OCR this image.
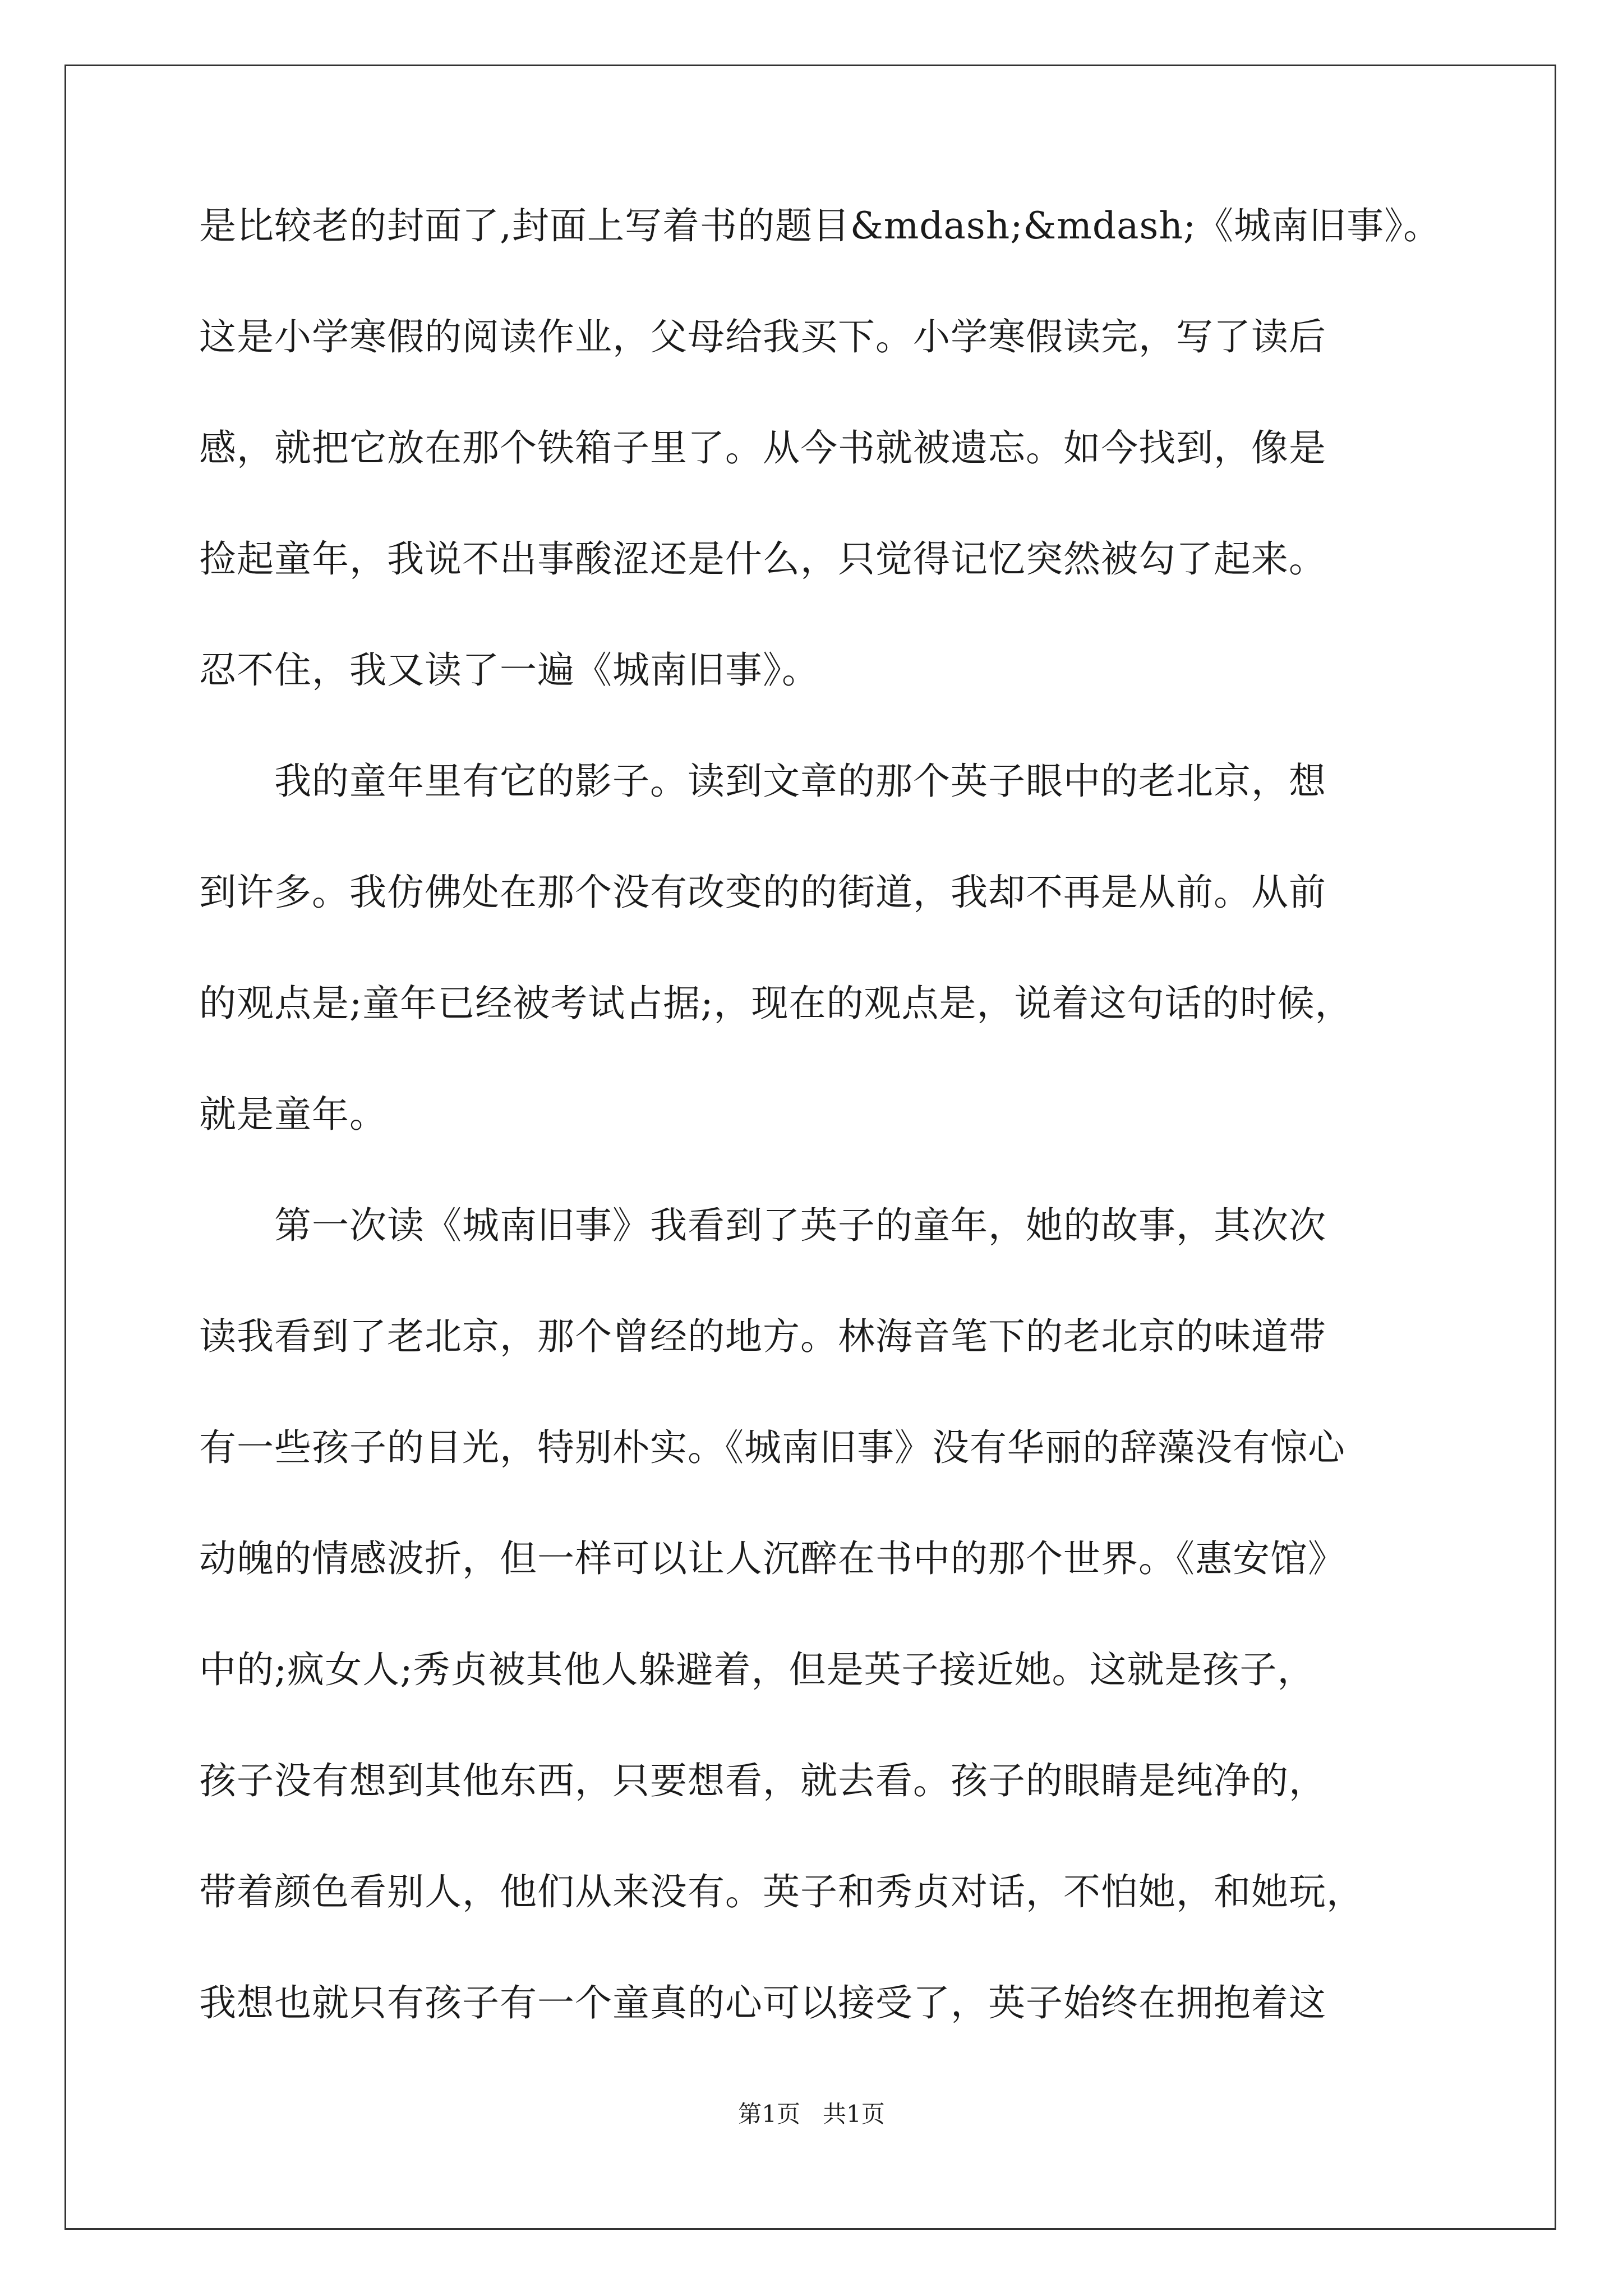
是比较老的封面了,封面上写着书的题目&mdash;&mdash;《城南旧事》。
这是小学寒假的阅读作业，父母给我买下。小学寒假读完，写了读后
感，就把它放在那个铁箱子里了。从今书就被遗忘。如今找到，像是
捡起童年，我说不出事酸涩还是什么，只觉得记忆突然被勾了起来。
忍不住，我又读了一遍《城南旧事》。
　　我的童年里有它的影子。读到文章的那个英子眼中的老北京，想
到许多。我仿佛处在那个没有改变的的街道，我却不再是从前。从前
的观点是;童年已经被考试占据;，现在的观点是，说着这句话的时候，
就是童年。
　　第一次读《城南旧事》我看到了英子的童年，她的故事，其次次
读我看到了老北京，那个曾经的地方。林海音笔下的老北京的味道带
有一些孩子的目光，特别朴实。《城南旧事》没有华丽的辞藻没有惊心
动魄的情感波折，但一样可以让人沉醉在书中的那个世界。《惠安馆》
中的;疯女人;秀贞被其他人躲避着，但是英子接近她。这就是孩子，
孩子没有想到其他东西，只要想看，就去看。孩子的眼睛是纯净的，
带着颜色看别人，他们从来没有。英子和秀贞对话，不怕她，和她玩，
我想也就只有孩子有一个童真的心可以接受了，英子始终在拥抱着这
第1页   共1页
